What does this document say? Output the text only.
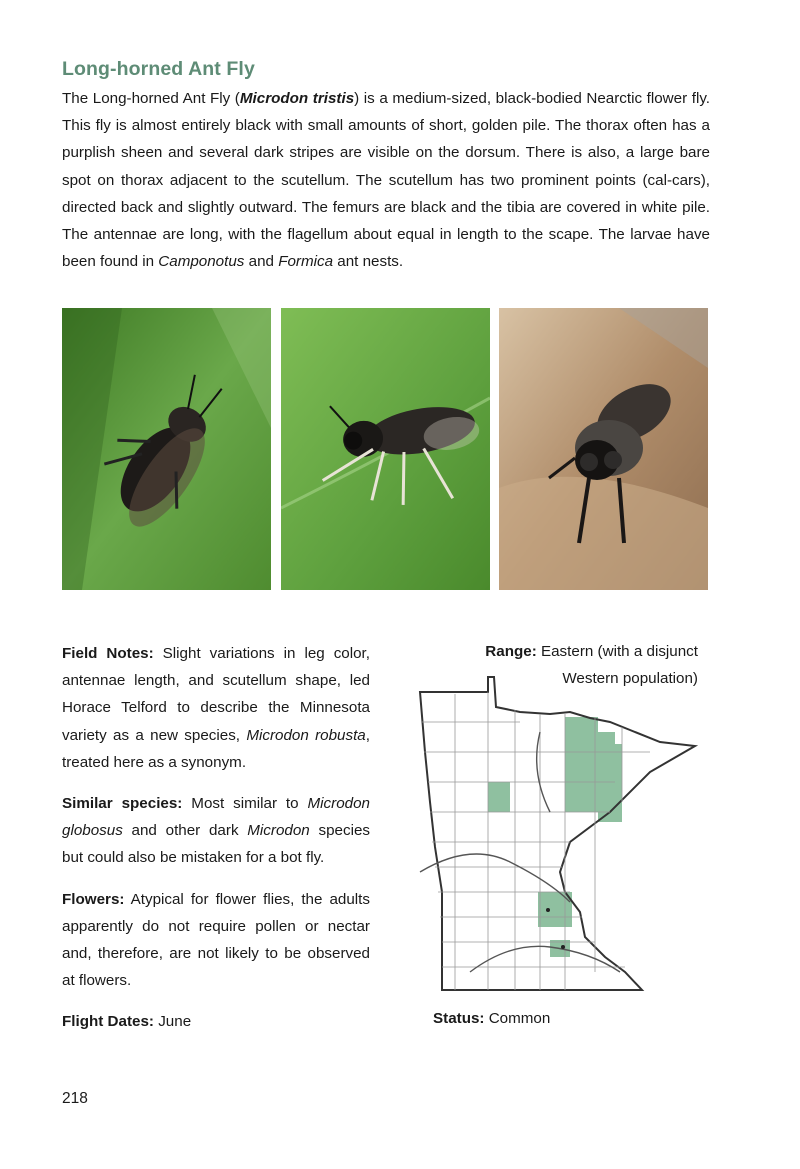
Long-horned Ant Fly

The Long-horned Ant Fly (Microdon tristis) is a medium-sized, black-bodied Nearctic flower fly. This fly is almost entirely black with small amounts of short, golden pile. The thorax often has a purplish sheen and several dark stripes are visible on the dorsum. There is also, a large bare spot on thorax adjacent to the scutellum. The scutellum has two prominent points (cal-cars), directed back and slightly outward. The femurs are black and the tibia are covered in white pile. The antennae are long, with the flagellum about equal in length to the scape. The larvae have been found in Camponotus and Formica ant nests.

Field Notes: Slight variations in leg color, antennae length, and scutellum shape, led Horace Telford to describe the Minnesota variety as a new species, Microdon robusta, treated here as a synonym.

Similar species: Most similar to Microdon globosus and other dark Microdon species but could also be mistaken for a bot fly.

Flowers: Atypical for flower flies, the adults apparently do not require pollen or nectar and, therefore, are not likely to be observed at flowers.

Flight Dates: June

Range: Eastern (with a disjunct Western population)

Status: Common
218
